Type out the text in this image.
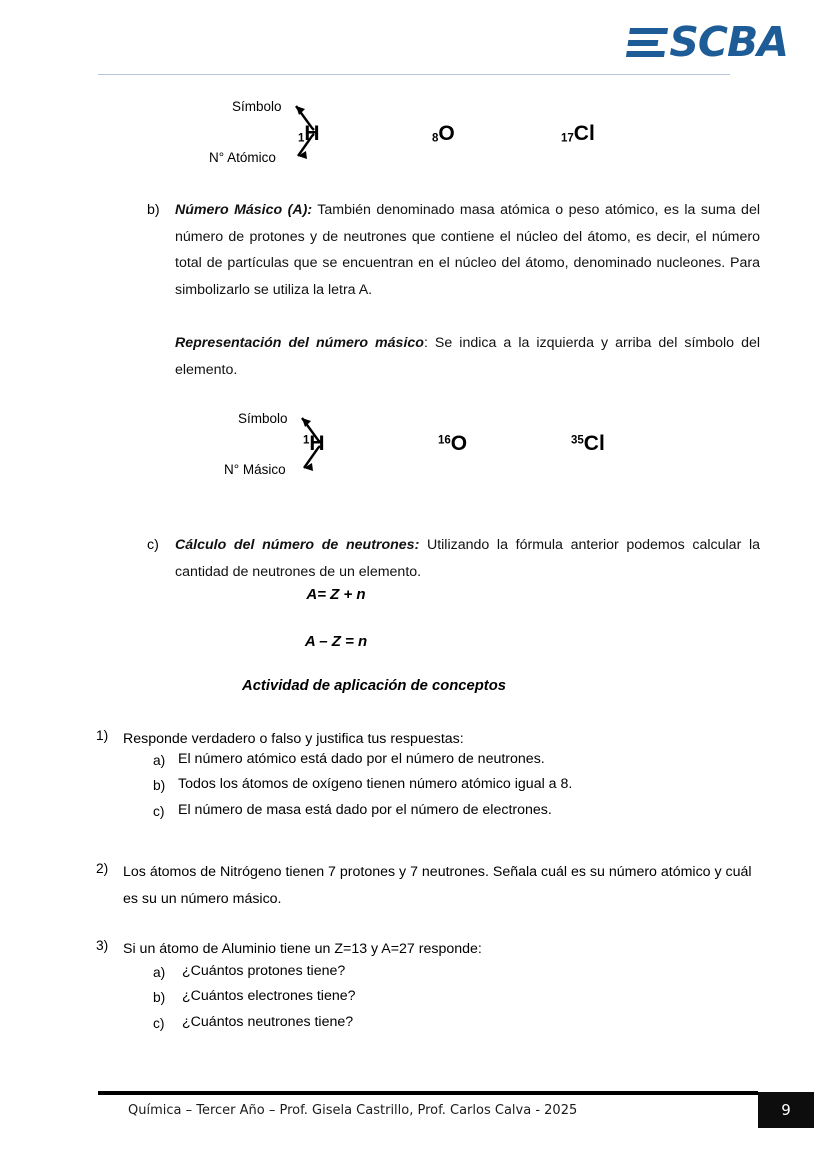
SCBA
Símbolo
N° Atómico
$_1$H	$_8$O	$_{17}$Cl
b) Número Másico (A): También denominado masa atómica o peso atómico, es la suma del número de protones y de neutrones que contiene el núcleo del átomo, es decir, el número total de partículas que se encuentran en el núcleo del átomo, denominado nucleones. Para simbolizarlo se utiliza la letra A.
Representación del número másico: Se indica a la izquierda y arriba del símbolo del elemento.
Símbolo
N° Másico
$^1$H	$^{16}$O	$^{35}$Cl
c) Cálculo del número de neutrones: Utilizando la fórmula anterior podemos calcular la cantidad de neutrones de un elemento.
A= Z + n
A – Z = n
Actividad de aplicación de conceptos
1) Responde verdadero o falso y justifica tus respuestas:
a) El número atómico está dado por el número de neutrones.
b) Todos los átomos de oxígeno tienen número atómico igual a 8.
c) El número de masa está dado por el número de electrones.
2) Los átomos de Nitrógeno tienen 7 protones y 7 neutrones. Señala cuál es su número atómico y cuál es su un número másico.
3) Si un átomo de Aluminio tiene un Z=13 y A=27 responde:
a) ¿Cuántos protones tiene?
b) ¿Cuántos electrones tiene?
c) ¿Cuántos neutrones tiene?
Química – Tercer Año – Prof. Gisela Castrillo, Prof. Carlos Calva - 2025	9
